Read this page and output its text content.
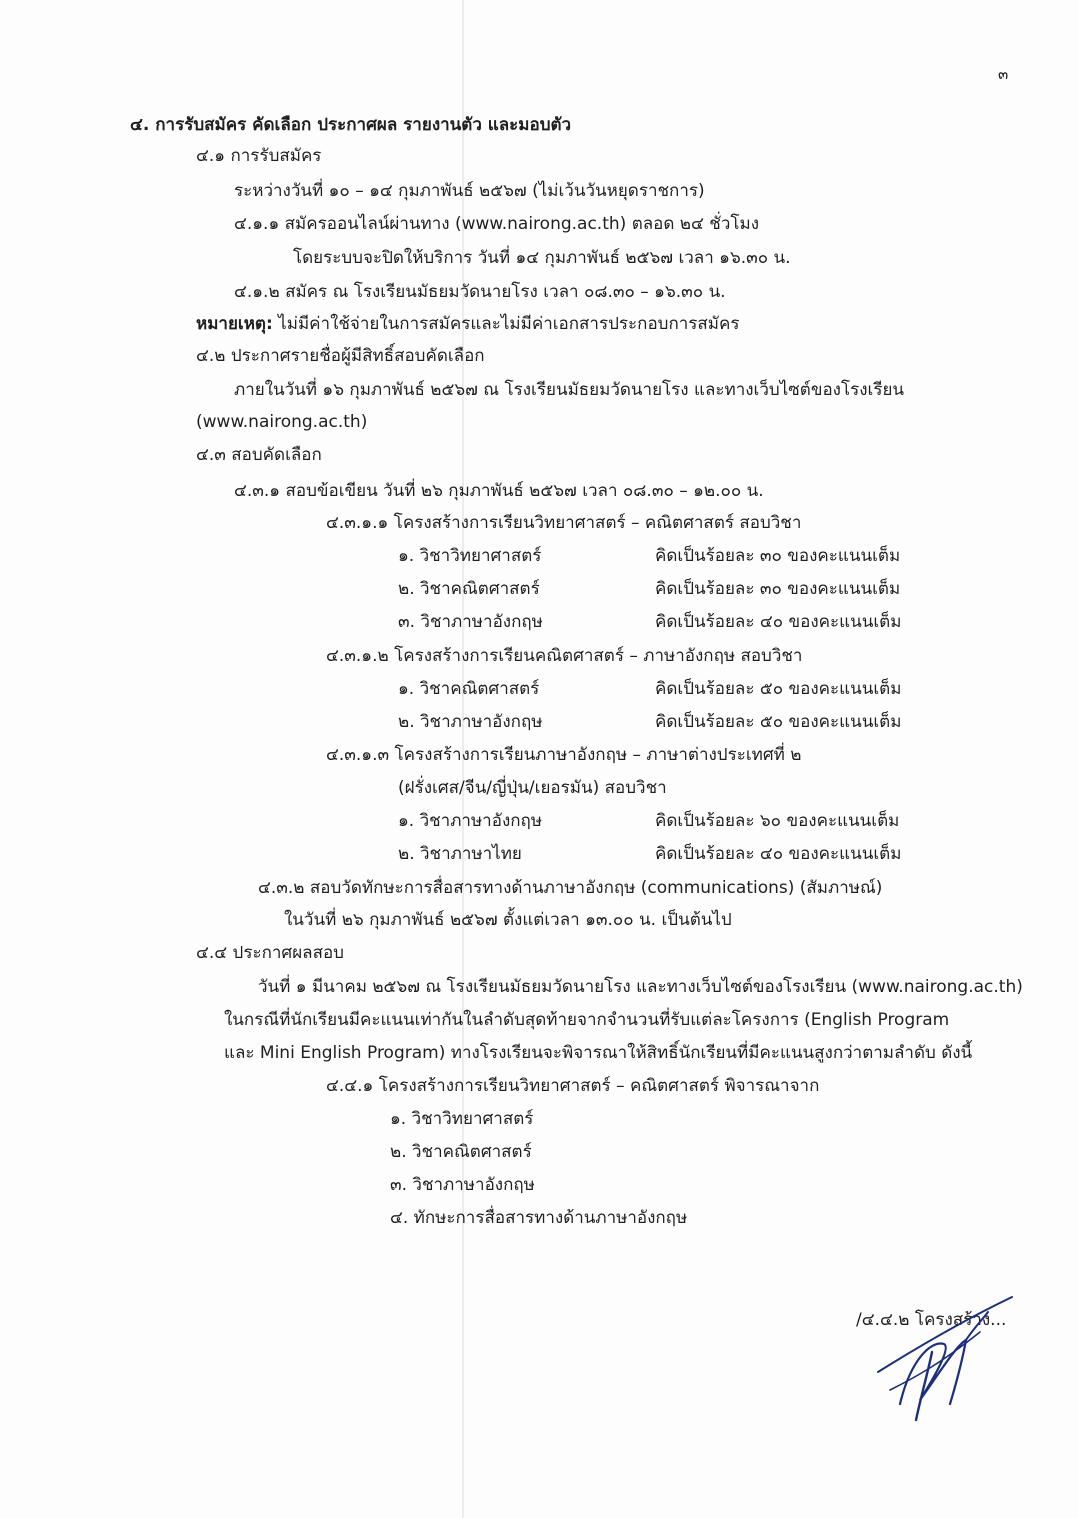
๓
๔. การรับสมัคร คัดเลือก ประกาศผล รายงานตัว และมอบตัว
๔.๑ การรับสมัคร
ระหว่างวันที่ ๑๐ – ๑๔ กุมภาพันธ์ ๒๕๖๗ (ไม่เว้นวันหยุดราชการ)
๔.๑.๑ สมัครออนไลน์ผ่านทาง (www.nairong.ac.th) ตลอด ๒๔ ชั่วโมง
โดยระบบจะปิดให้บริการ วันที่ ๑๔ กุมภาพันธ์ ๒๕๖๗ เวลา ๑๖.๓๐ น.
๔.๑.๒ สมัคร ณ โรงเรียนมัธยมวัดนายโรง เวลา ๐๘.๓๐ – ๑๖.๓๐ น.
หมายเหตุ: ไม่มีค่าใช้จ่ายในการสมัครและไม่มีค่าเอกสารประกอบการสมัคร
๔.๒ ประกาศรายชื่อผู้มีสิทธิ์สอบคัดเลือก
ภายในวันที่ ๑๖ กุมภาพันธ์ ๒๕๖๗ ณ โรงเรียนมัธยมวัดนายโรง และทางเว็บไซต์ของโรงเรียน
(www.nairong.ac.th)
๔.๓ สอบคัดเลือก
๔.๓.๑ สอบข้อเขียน วันที่ ๒๖ กุมภาพันธ์ ๒๕๖๗ เวลา ๐๘.๓๐ – ๑๒.๐๐ น.
๔.๓.๑.๑ โครงสร้างการเรียนวิทยาศาสตร์ – คณิตศาสตร์ สอบวิชา
๑. วิชาวิทยาศาสตร์	คิดเป็นร้อยละ ๓๐ ของคะแนนเต็ม
๒. วิชาคณิตศาสตร์	คิดเป็นร้อยละ ๓๐ ของคะแนนเต็ม
๓. วิชาภาษาอังกฤษ	คิดเป็นร้อยละ ๔๐ ของคะแนนเต็ม
๔.๓.๑.๒ โครงสร้างการเรียนคณิตศาสตร์ – ภาษาอังกฤษ สอบวิชา
๑. วิชาคณิตศาสตร์	คิดเป็นร้อยละ ๕๐ ของคะแนนเต็ม
๒. วิชาภาษาอังกฤษ	คิดเป็นร้อยละ ๕๐ ของคะแนนเต็ม
๔.๓.๑.๓ โครงสร้างการเรียนภาษาอังกฤษ – ภาษาต่างประเทศที่ ๒
(ฝรั่งเศส/จีน/ญี่ปุ่น/เยอรมัน) สอบวิชา
๑. วิชาภาษาอังกฤษ	คิดเป็นร้อยละ ๖๐ ของคะแนนเต็ม
๒. วิชาภาษาไทย	คิดเป็นร้อยละ ๔๐ ของคะแนนเต็ม
๔.๓.๒ สอบวัดทักษะการสื่อสารทางด้านภาษาอังกฤษ (communications) (สัมภาษณ์)
ในวันที่ ๒๖ กุมภาพันธ์ ๒๕๖๗ ตั้งแต่เวลา ๑๓.๐๐ น. เป็นต้นไป
๔.๔ ประกาศผลสอบ
วันที่ ๑ มีนาคม ๒๕๖๗ ณ โรงเรียนมัธยมวัดนายโรง และทางเว็บไซต์ของโรงเรียน (www.nairong.ac.th)
ในกรณีที่นักเรียนมีคะแนนเท่ากันในลำดับสุดท้ายจากจำนวนที่รับแต่ละโครงการ (English Program
และ Mini English Program) ทางโรงเรียนจะพิจารณาให้สิทธิ์นักเรียนที่มีคะแนนสูงกว่าตามลำดับ ดังนี้
๔.๔.๑ โครงสร้างการเรียนวิทยาศาสตร์ – คณิตศาสตร์ พิจารณาจาก
๑. วิชาวิทยาศาสตร์
๒. วิชาคณิตศาสตร์
๓. วิชาภาษาอังกฤษ
๔. ทักษะการสื่อสารทางด้านภาษาอังกฤษ
/๔.๔.๒ โครงสร้าง...
